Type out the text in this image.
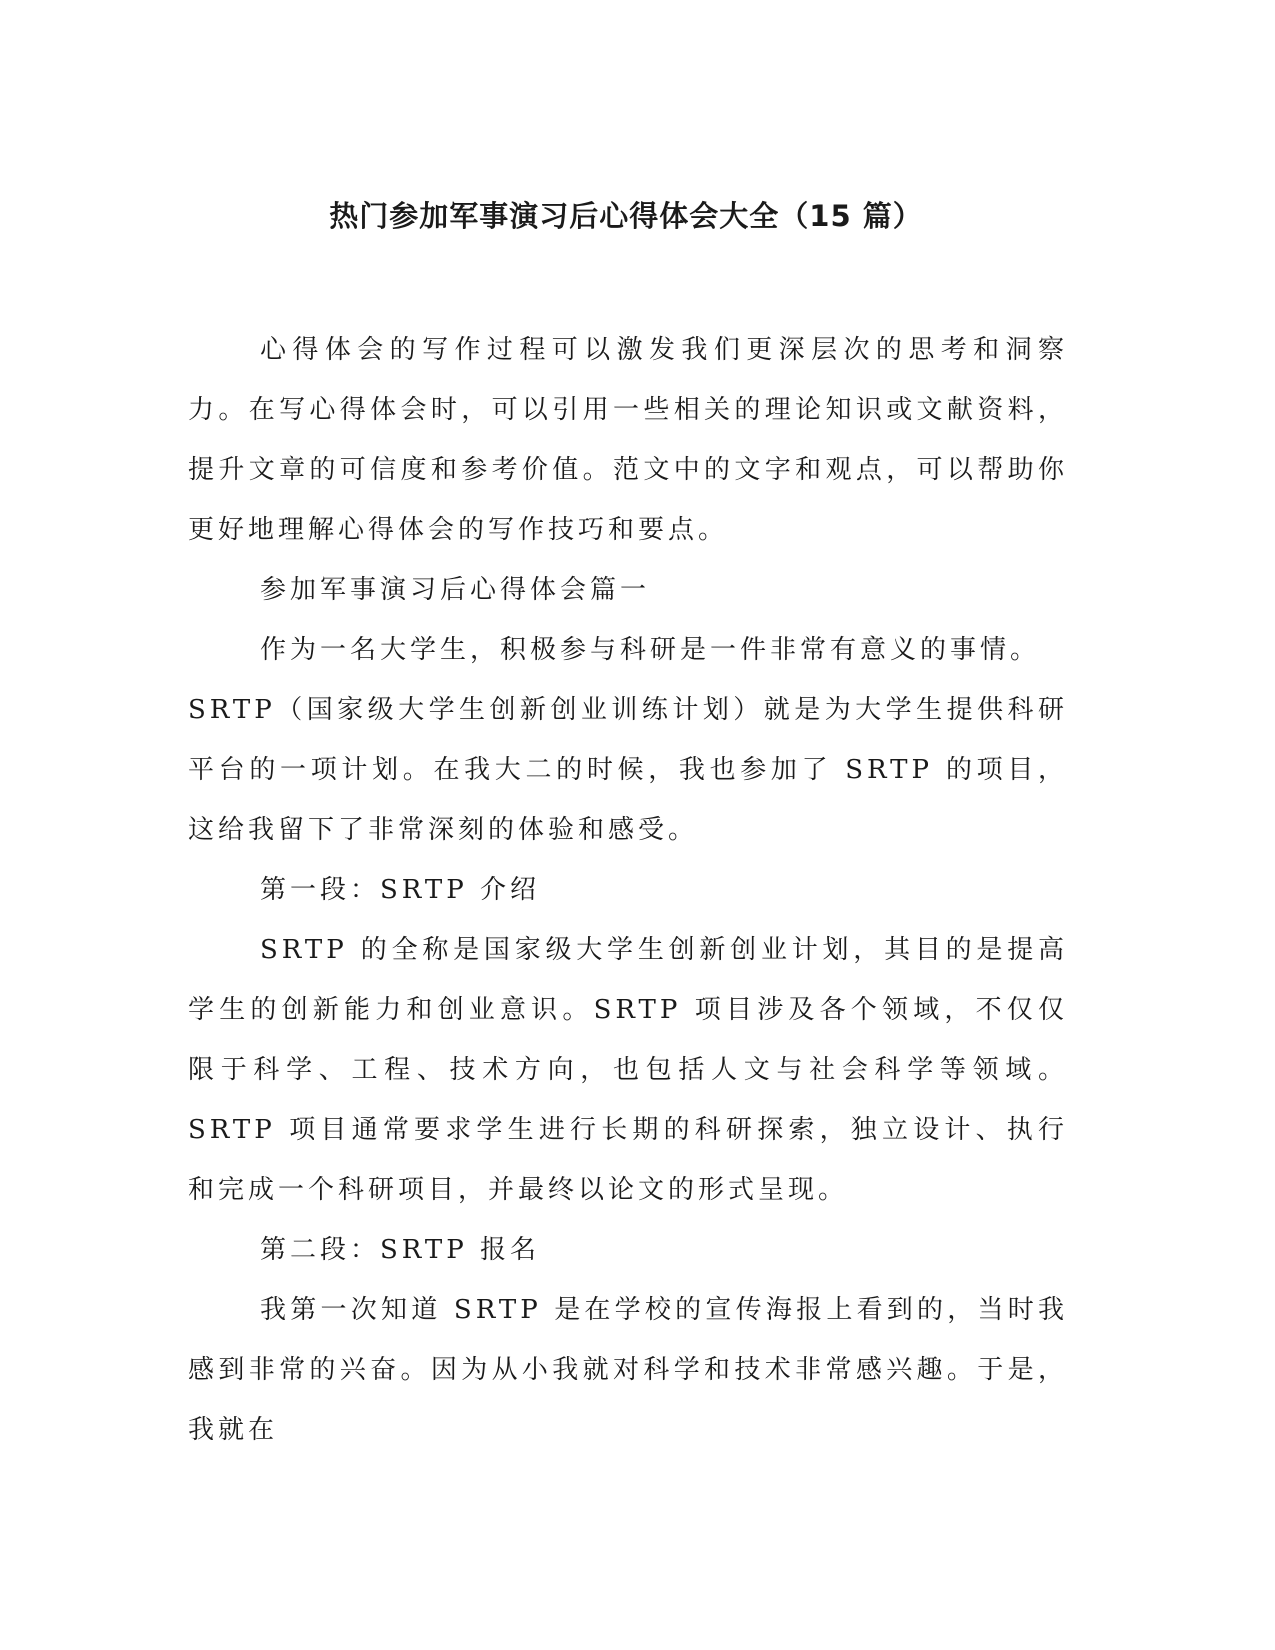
热门参加军事演习后心得体会大全（15 篇）

心得体会的写作过程可以激发我们更深层次的思考和洞察力。在写心得体会时，可以引用一些相关的理论知识或文献资料，提升文章的可信度和参考价值。范文中的文字和观点，可以帮助你更好地理解心得体会的写作技巧和要点。

参加军事演习后心得体会篇一

作为一名大学生，积极参与科研是一件非常有意义的事情。

SRTP（国家级大学生创新创业训练计划）就是为大学生提供科研平台的一项计划。在我大二的时候，我也参加了 SRTP 的项目，这给我留下了非常深刻的体验和感受。

第一段：SRTP 介绍

SRTP 的全称是国家级大学生创新创业计划，其目的是提高学生的创新能力和创业意识。SRTP 项目涉及各个领域，不仅仅限于科学、工程、技术方向，也包括人文与社会科学等领域。SRTP 项目通常要求学生进行长期的科研探索，独立设计、执行和完成一个科研项目，并最终以论文的形式呈现。

第二段：SRTP 报名

我第一次知道 SRTP 是在学校的宣传海报上看到的，当时我感到非常的兴奋。因为从小我就对科学和技术非常感兴趣。于是，我就在
